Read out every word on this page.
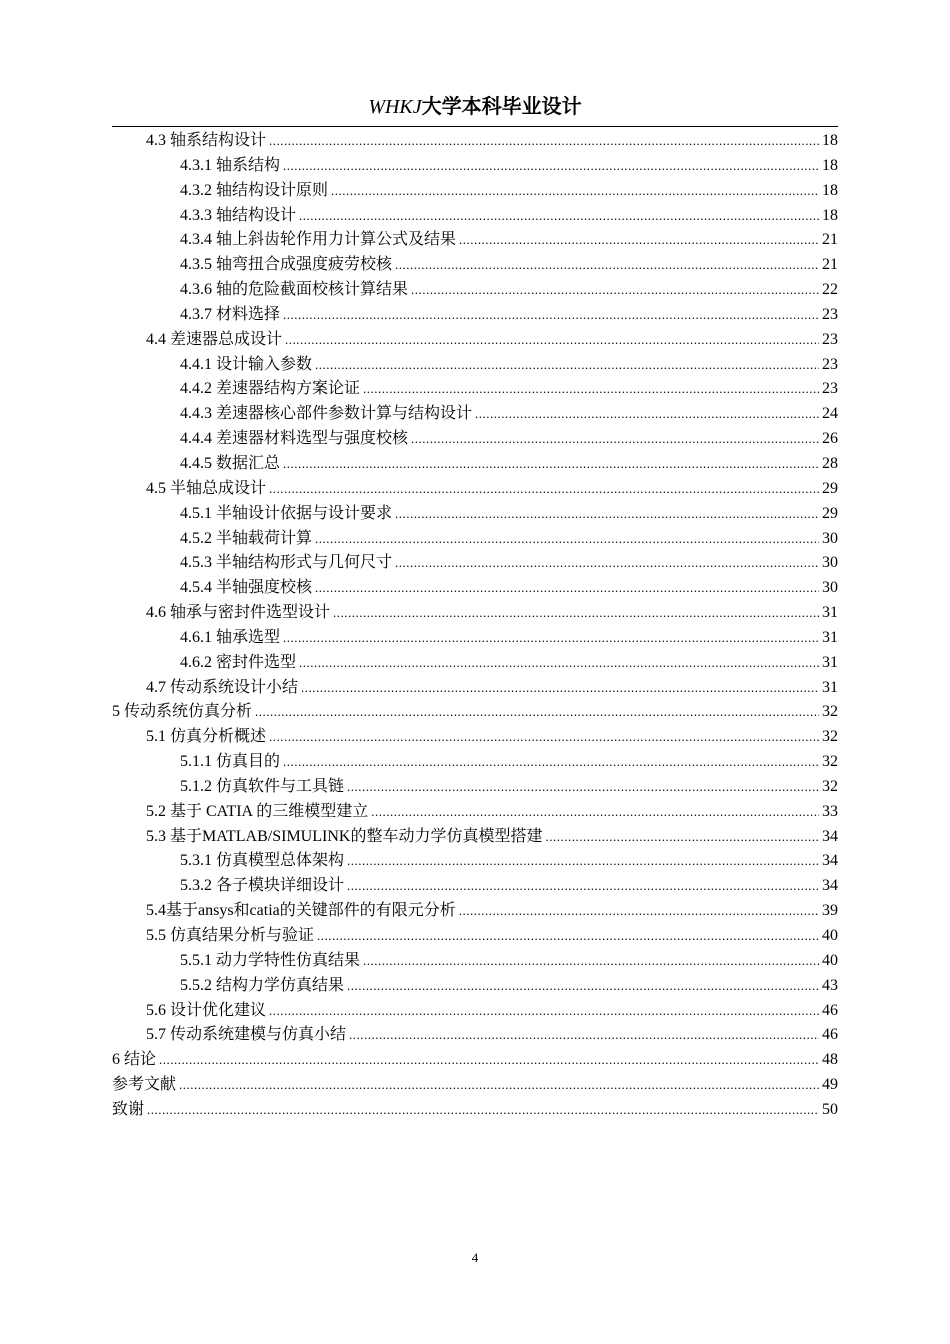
WHKJ大学本科毕业设计
4.3 轴系结构设计 .....	18
4.3.1 轴系结构 .....	18
4.3.2 轴结构设计原则 .....	18
4.3.3 轴结构设计 .....	18
4.3.4 轴上斜齿轮作用力计算公式及结果 .....	21
4.3.5 轴弯扭合成强度疲劳校核 .....	21
4.3.6 轴的危险截面校核计算结果 .....	22
4.3.7 材料选择 .....	23
4.4 差速器总成设计 .....	23
4.4.1 设计输入参数 .....	23
4.4.2 差速器结构方案论证 .....	23
4.4.3 差速器核心部件参数计算与结构设计 .....	24
4.4.4 差速器材料选型与强度校核 .....	26
4.4.5 数据汇总 .....	28
4.5 半轴总成设计 .....	29
4.5.1 半轴设计依据与设计要求 .....	29
4.5.2 半轴载荷计算 .....	30
4.5.3 半轴结构形式与几何尺寸 .....	30
4.5.4 半轴强度校核 .....	30
4.6 轴承与密封件选型设计 .....	31
4.6.1 轴承选型 .....	31
4.6.2 密封件选型 .....	31
4.7 传动系统设计小结 .....	31
5 传动系统仿真分析 .....	32
5.1 仿真分析概述 .....	32
5.1.1 仿真目的 .....	32
5.1.2 仿真软件与工具链 .....	32
5.2 基于 CATIA 的三维模型建立 .....	33
5.3 基于MATLAB/SIMULINK的整车动力学仿真模型搭建 .....	34
5.3.1 仿真模型总体架构 .....	34
5.3.2 各子模块详细设计 .....	34
5.4基于ansys和catia的关键部件的有限元分析 .....	39
5.5 仿真结果分析与验证 .....	40
5.5.1 动力学特性仿真结果 .....	40
5.5.2 结构力学仿真结果 .....	43
5.6 设计优化建议 .....	46
5.7 传动系统建模与仿真小结 .....	46
6 结论 .....	48
参考文献 .....	49
致谢 .....	50
4
